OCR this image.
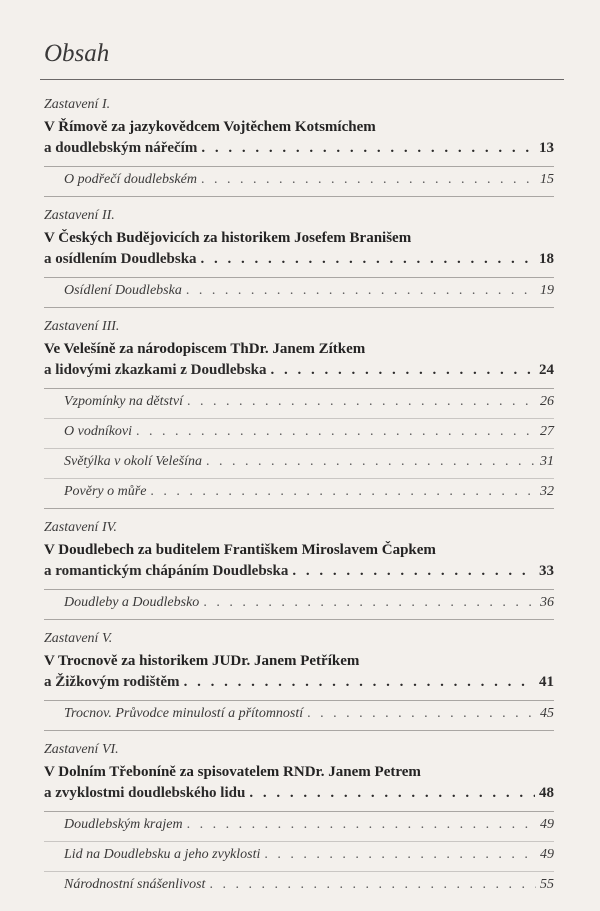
Obsah
Zastavení I.
V Římově za jazykovědcem Vojtěchem Kotsmíchem
a doudlebským nářečím . . .	13
O podřečí doudlebském . . .	15
Zastavení II.
V Českých Budějovicích za historikem Josefem Branišem
a osídlením Doudlebska . . .	18
Osídlení Doudlebska . . .	19
Zastavení III.
Ve Velešíně za národopiscem ThDr. Janem Zítkem
a lidovými zkazkami z Doudlebska . . .	24
Vzpomínky na dětství . . .	26
O vodníkovi . . .	27
Světýlka v okolí Velešína . . .	31
Pověry o můře . . .	32
Zastavení IV.
V Doudlebech za buditelem Františkem Miroslavem Čapkem
a romantickým chápáním Doudlebska . . .	33
Doudleby a Doudlebsko . . .	36
Zastavení V.
V Trocnově za historikem JUDr. Janem Petříkem
a Žižkovým rodištěm . . .	41
Trocnov. Průvodce minulostí a přítomností . . .	45
Zastavení VI.
V Dolním Třeboníně za spisovatelem RNDr. Janem Petrem
a zvyklostmi doudlebského lidu . . .	48
Doudlebským krajem . . .	49
Lid na Doudlebsku a jeho zvyklosti . . .	49
Národnostní snášenlivost . . .	55
